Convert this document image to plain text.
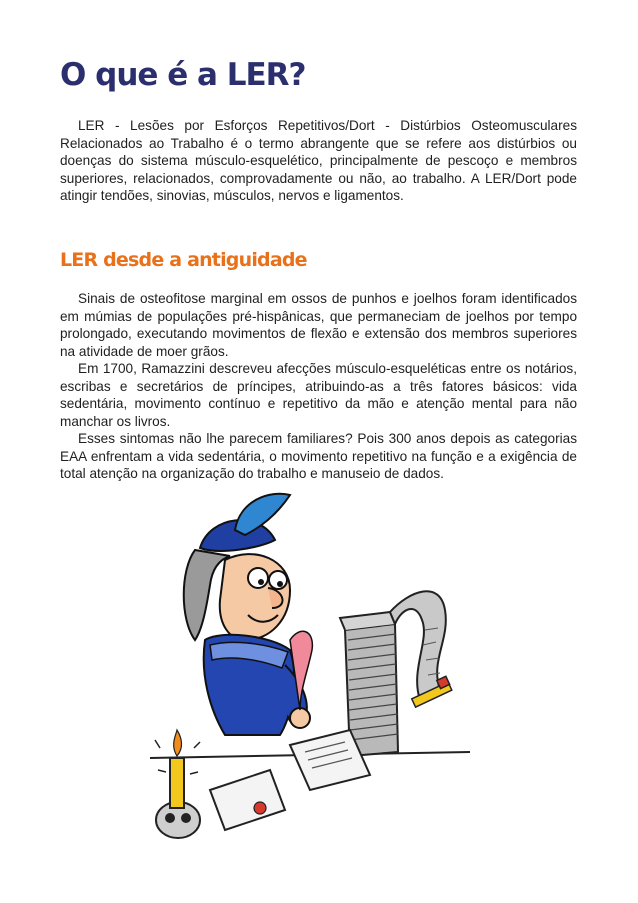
O que é a LER?

LER - Lesões por Esforços Repetitivos/Dort - Distúrbios Osteomusculares Relacionados ao Trabalho é o termo abrangente que se refere aos distúrbios ou doenças do sistema músculo-esquelético, principalmente de pescoço e membros superiores, relacionados, comprovadamente ou não, ao trabalho. A LER/Dort pode atingir tendões, sinovias, músculos, nervos e ligamentos.

LER desde a antiguidade

Sinais de osteofitose marginal em ossos de punhos e joelhos foram identificados em múmias de populações pré-hispânicas, que permaneciam de joelhos por tempo prolongado, executando movimentos de flexão e extensão dos membros superiores na atividade de moer grãos.

Em 1700, Ramazzini descreveu afecções músculo-esqueléticas entre os notários, escribas e secretários de príncipes, atribuindo-as a três fatores básicos: vida sedentária, movimento contínuo e repetitivo da mão e atenção mental para não manchar os livros.

Esses sintomas não lhe parecem familiares? Pois 300 anos depois as categorias EAA enfrentam a vida sedentária, o movimento repetitivo na função e a exigência de total atenção na organização do trabalho e manuseio de dados.
